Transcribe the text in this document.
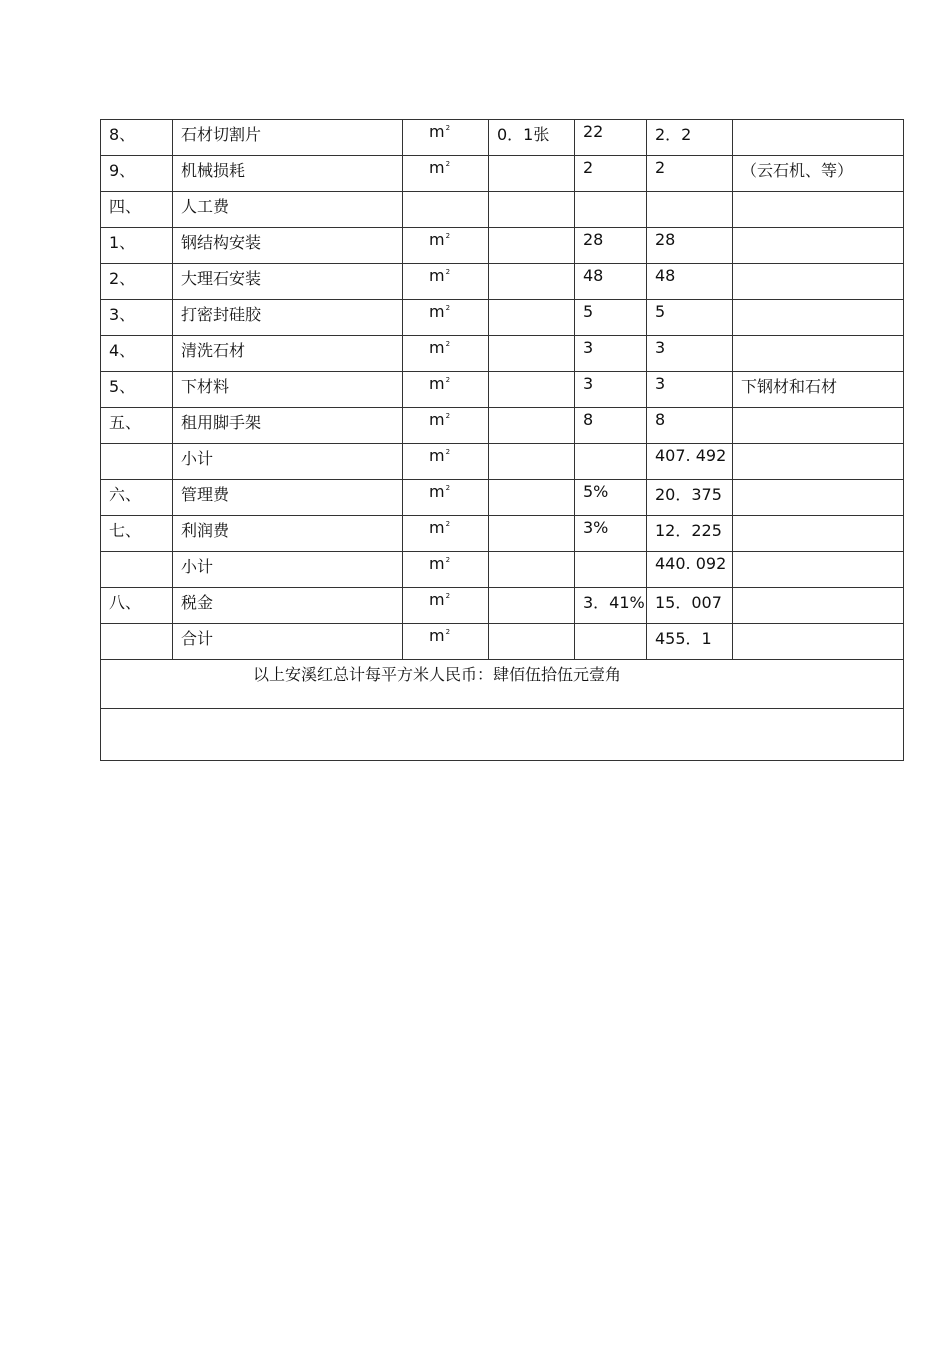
8、	石材切割片	$m^2$	0．1张	22	2．2	
9、	机械损耗	$m^2$		2	2	（云石机、等）
四、	人工费					
1、	钢结构安装	$m^2$		28	28	
2、	大理石安装	$m^2$		48	48	
3、	打密封硅胶	$m^2$		5	5	
4、	清洗石材	$m^2$		3	3	
5、	下材料	$m^2$		3	3	下钢材和石材
五、	租用脚手架	$m^2$		8	8	
	小计	$m^2$			407. 492	
六、	管理费	$m^2$		5%	20．375	
七、	利润费	$m^2$		3%	12．225	
	小计	$m^2$			440. 092	
八、	税金	$m^2$		3．41%	15．007	
	合计	$m^2$			455．1	
以上安溪红总计每平方米人民币：肆佰伍拾伍元壹角						
